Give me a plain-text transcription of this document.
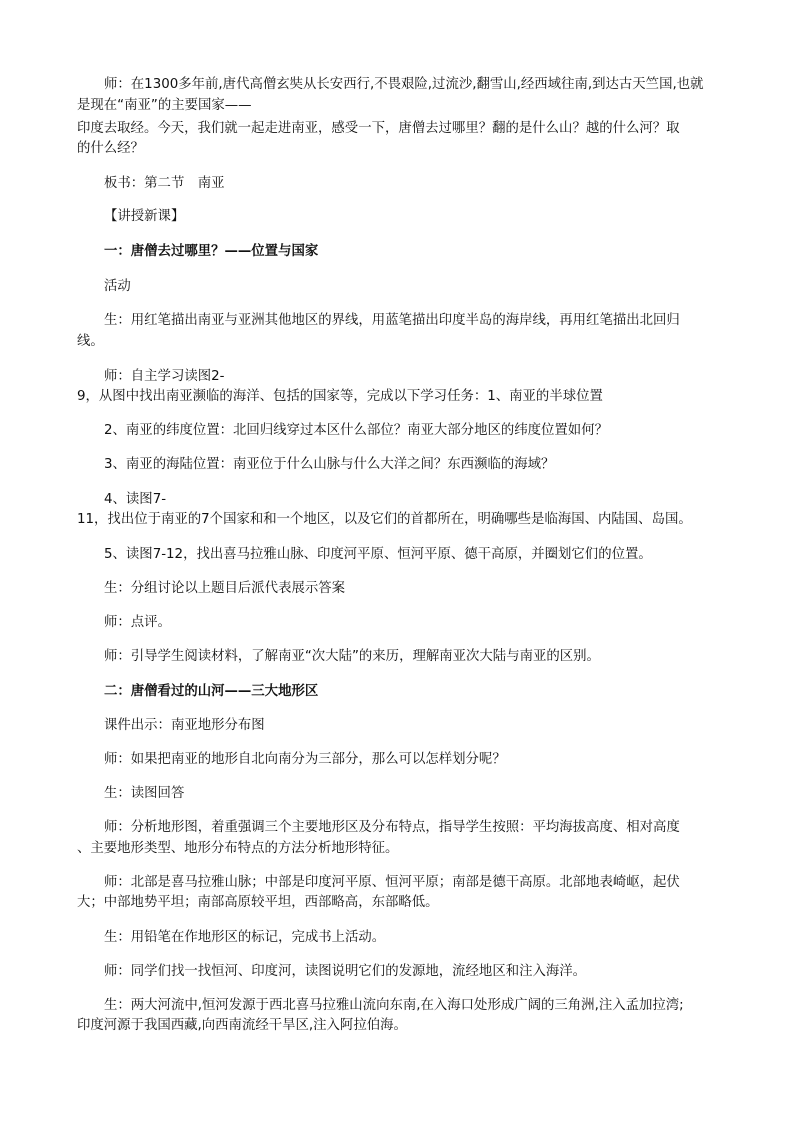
师：在1300多年前,唐代高僧玄奘从长安西行,不畏艰险,过流沙,翻雪山,经西域往南,到达古天竺国,也就
是现在“南亚”的主要国家——
印度去取经。今天，我们就一起走进南亚，感受一下，唐僧去过哪里？翻的是什么山？越的什么河？取
的什么经？
板书：第二节　南亚
【讲授新课】
一：唐僧去过哪里？——位置与国家
活动
生：用红笔描出南亚与亚洲其他地区的界线，用蓝笔描出印度半岛的海岸线，再用红笔描出北回归
线。
师：自主学习读图2-
9，从图中找出南亚濒临的海洋、包括的国家等，完成以下学习任务：1、南亚的半球位置
2、南亚的纬度位置：北回归线穿过本区什么部位？南亚大部分地区的纬度位置如何？
3、南亚的海陆位置：南亚位于什么山脉与什么大洋之间？东西濒临的海域？
4、读图7-
11，找出位于南亚的7个国家和和一个地区，以及它们的首都所在，明确哪些是临海国、内陆国、岛国。
5、读图7-12，找出喜马拉雅山脉、印度河平原、恒河平原、德干高原，并圈划它们的位置。
生：分组讨论以上题目后派代表展示答案
师：点评。
师：引导学生阅读材料，了解南亚“次大陆”的来历，理解南亚次大陆与南亚的区别。
二：唐僧看过的山河——三大地形区
课件出示：南亚地形分布图
师：如果把南亚的地形自北向南分为三部分，那么可以怎样划分呢？
生：读图回答
师：分析地形图，着重强调三个主要地形区及分布特点，指导学生按照：平均海拔高度、相对高度
、主要地形类型、地形分布特点的方法分析地形特征。
师：北部是喜马拉雅山脉；中部是印度河平原、恒河平原；南部是德干高原。北部地表崎岖，起伏
大；中部地势平坦；南部高原较平坦，西部略高，东部略低。
生：用铅笔在作地形区的标记，完成书上活动。
师：同学们找一找恒河、印度河，读图说明它们的发源地，流经地区和注入海洋。
生：两大河流中,恒河发源于西北喜马拉雅山流向东南,在入海口处形成广阔的三角洲,注入孟加拉湾;
印度河源于我国西藏,向西南流经干旱区,注入阿拉伯海。
